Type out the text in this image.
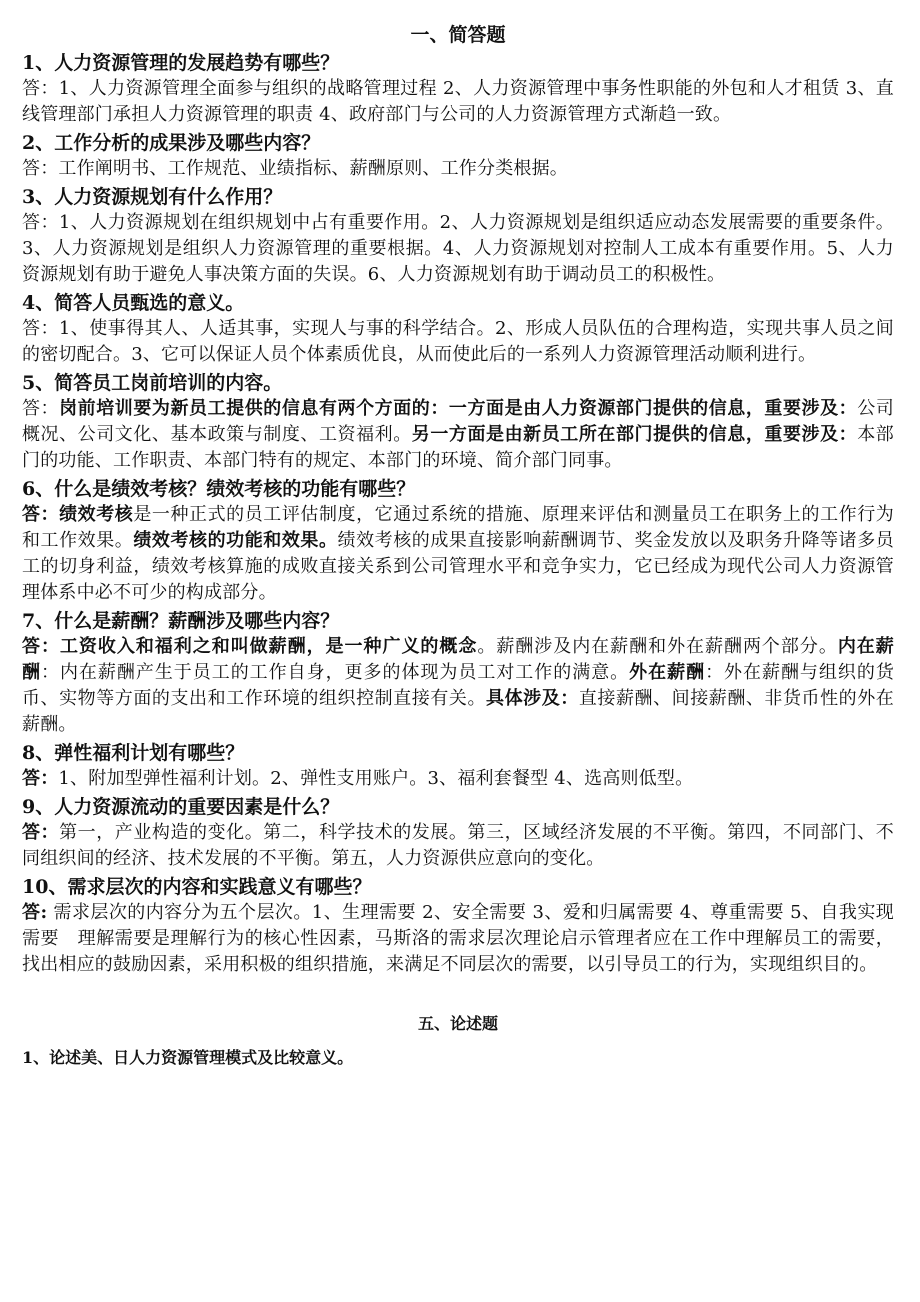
一、简答题
1、人力资源管理的发展趋势有哪些？
答：1、人力资源管理全面参与组织的战略管理过程 2、人力资源管理中事务性职能的外包和人才租赁 3、直线管理部门承担人力资源管理的职责 4、政府部门与公司的人力资源管理方式渐趋一致。
2、工作分析的成果涉及哪些内容？
答：工作阐明书、工作规范、业绩指标、薪酬原则、工作分类根据。
3、人力资源规划有什么作用？
答：1、人力资源规划在组织规划中占有重要作用。2、人力资源规划是组织适应动态发展需要的重要条件。3、人力资源规划是组织人力资源管理的重要根据。4、人力资源规划对控制人工成本有重要作用。5、人力资源规划有助于避免人事决策方面的失误。6、人力资源规划有助于调动员工的积极性。
4、简答人员甄选的意义。
答：1、使事得其人、人适其事，实现人与事的科学结合。2、形成人员队伍的合理构造，实现共事人员之间的密切配合。3、它可以保证人员个体素质优良，从而使此后的一系列人力资源管理活动顺利进行。
5、简答员工岗前培训的内容。
答：岗前培训要为新员工提供的信息有两个方面的：一方面是由人力资源部门提供的信息，重要涉及：公司概况、公司文化、基本政策与制度、工资福利。另一方面是由新员工所在部门提供的信息，重要涉及：本部门的功能、工作职责、本部门特有的规定、本部门的环境、简介部门同事。
6、什么是绩效考核？绩效考核的功能有哪些？
答：绩效考核是一种正式的员工评估制度，它通过系统的措施、原理来评估和测量员工在职务上的工作行为和工作效果。绩效考核的功能和效果。绩效考核的成果直接影响薪酬调节、奖金发放以及职务升降等诸多员工的切身利益，绩效考核算施的成败直接关系到公司管理水平和竞争实力，它已经成为现代公司人力资源管理体系中必不可少的构成部分。
7、什么是薪酬？薪酬涉及哪些内容？
答：工资收入和福利之和叫做薪酬，是一种广义的概念。薪酬涉及内在薪酬和外在薪酬两个部分。内在薪酬：内在薪酬产生于员工的工作自身，更多的体现为员工对工作的满意。外在薪酬：外在薪酬与组织的货币、实物等方面的支出和工作环境的组织控制直接有关。具体涉及：直接薪酬、间接薪酬、非货币性的外在薪酬。
8、弹性福利计划有哪些？
答：1、附加型弹性福利计划。2、弹性支用账户。3、福利套餐型 4、选高则低型。
9、人力资源流动的重要因素是什么？
答：第一，产业构造的变化。第二，科学技术的发展。第三，区域经济发展的不平衡。第四，不同部门、不同组织间的经济、技术发展的不平衡。第五，人力资源供应意向的变化。
10、需求层次的内容和实践意义有哪些？
答: 需求层次的内容分为五个层次。1、生理需要 2、安全需要 3、爱和归属需要 4、尊重需要 5、自我实现需要　理解需要是理解行为的核心性因素，马斯洛的需求层次理论启示管理者应在工作中理解员工的需要，找出相应的鼓励因素，采用积极的组织措施，来满足不同层次的需要，以引导员工的行为，实现组织目的。
五、论述题
1、论述美、日人力资源管理模式及比较意义。
